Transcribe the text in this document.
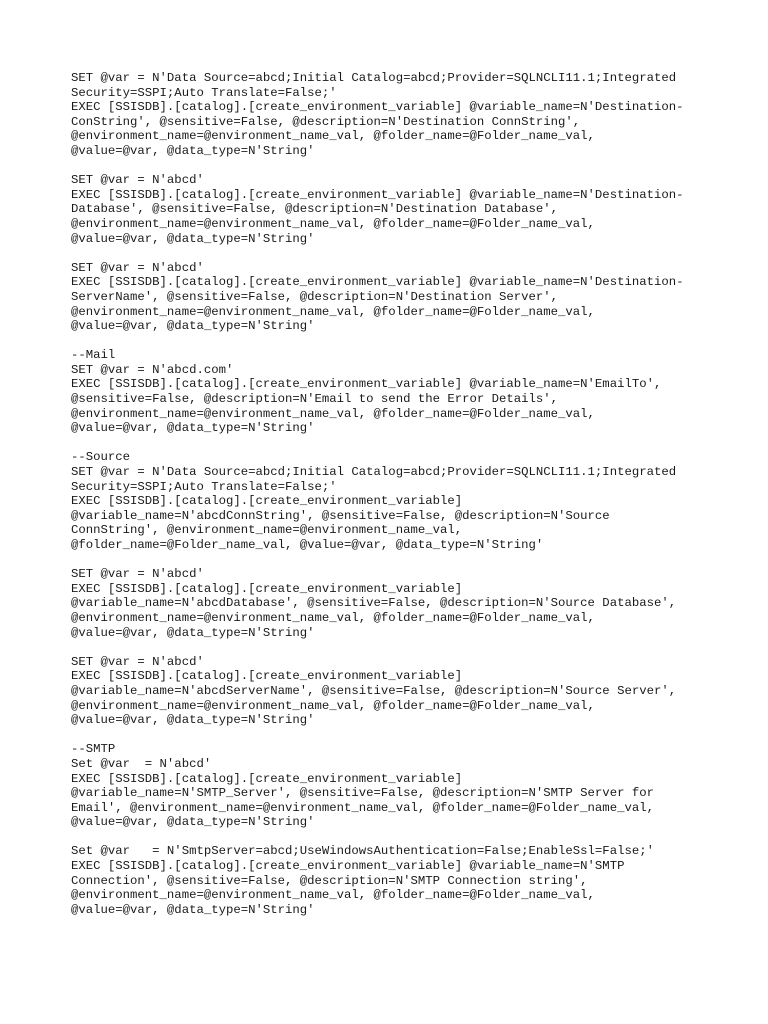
SET @var = N'Data Source=abcd;Initial Catalog=abcd;Provider=SQLNCLI11.1;Integrated
Security=SSPI;Auto Translate=False;'
EXEC [SSISDB].[catalog].[create_environment_variable] @variable_name=N'Destination-
ConString', @sensitive=False, @description=N'Destination ConnString',
@environment_name=@environment_name_val, @folder_name=@Folder_name_val,
@value=@var, @data_type=N'String'
SET @var = N'abcd'
EXEC [SSISDB].[catalog].[create_environment_variable] @variable_name=N'Destination-
Database', @sensitive=False, @description=N'Destination Database',
@environment_name=@environment_name_val, @folder_name=@Folder_name_val,
@value=@var, @data_type=N'String'
SET @var = N'abcd'
EXEC [SSISDB].[catalog].[create_environment_variable] @variable_name=N'Destination-
ServerName', @sensitive=False, @description=N'Destination Server',
@environment_name=@environment_name_val, @folder_name=@Folder_name_val,
@value=@var, @data_type=N'String'
--Mail
SET @var = N'abcd.com'
EXEC [SSISDB].[catalog].[create_environment_variable] @variable_name=N'EmailTo',
@sensitive=False, @description=N'Email to send the Error Details',
@environment_name=@environment_name_val, @folder_name=@Folder_name_val,
@value=@var, @data_type=N'String'
--Source
SET @var = N'Data Source=abcd;Initial Catalog=abcd;Provider=SQLNCLI11.1;Integrated
Security=SSPI;Auto Translate=False;'
EXEC [SSISDB].[catalog].[create_environment_variable]
@variable_name=N'abcdConnString', @sensitive=False, @description=N'Source
ConnString', @environment_name=@environment_name_val,
@folder_name=@Folder_name_val, @value=@var, @data_type=N'String'
SET @var = N'abcd'
EXEC [SSISDB].[catalog].[create_environment_variable]
@variable_name=N'abcdDatabase', @sensitive=False, @description=N'Source Database',
@environment_name=@environment_name_val, @folder_name=@Folder_name_val,
@value=@var, @data_type=N'String'
SET @var = N'abcd'
EXEC [SSISDB].[catalog].[create_environment_variable]
@variable_name=N'abcdServerName', @sensitive=False, @description=N'Source Server',
@environment_name=@environment_name_val, @folder_name=@Folder_name_val,
@value=@var, @data_type=N'String'
--SMTP
Set @var  = N'abcd'
EXEC [SSISDB].[catalog].[create_environment_variable]
@variable_name=N'SMTP_Server', @sensitive=False, @description=N'SMTP Server for
Email', @environment_name=@environment_name_val, @folder_name=@Folder_name_val,
@value=@var, @data_type=N'String'
Set @var   = N'SmtpServer=abcd;UseWindowsAuthentication=False;EnableSsl=False;'
EXEC [SSISDB].[catalog].[create_environment_variable] @variable_name=N'SMTP
Connection', @sensitive=False, @description=N'SMTP Connection string',
@environment_name=@environment_name_val, @folder_name=@Folder_name_val,
@value=@var, @data_type=N'String'
